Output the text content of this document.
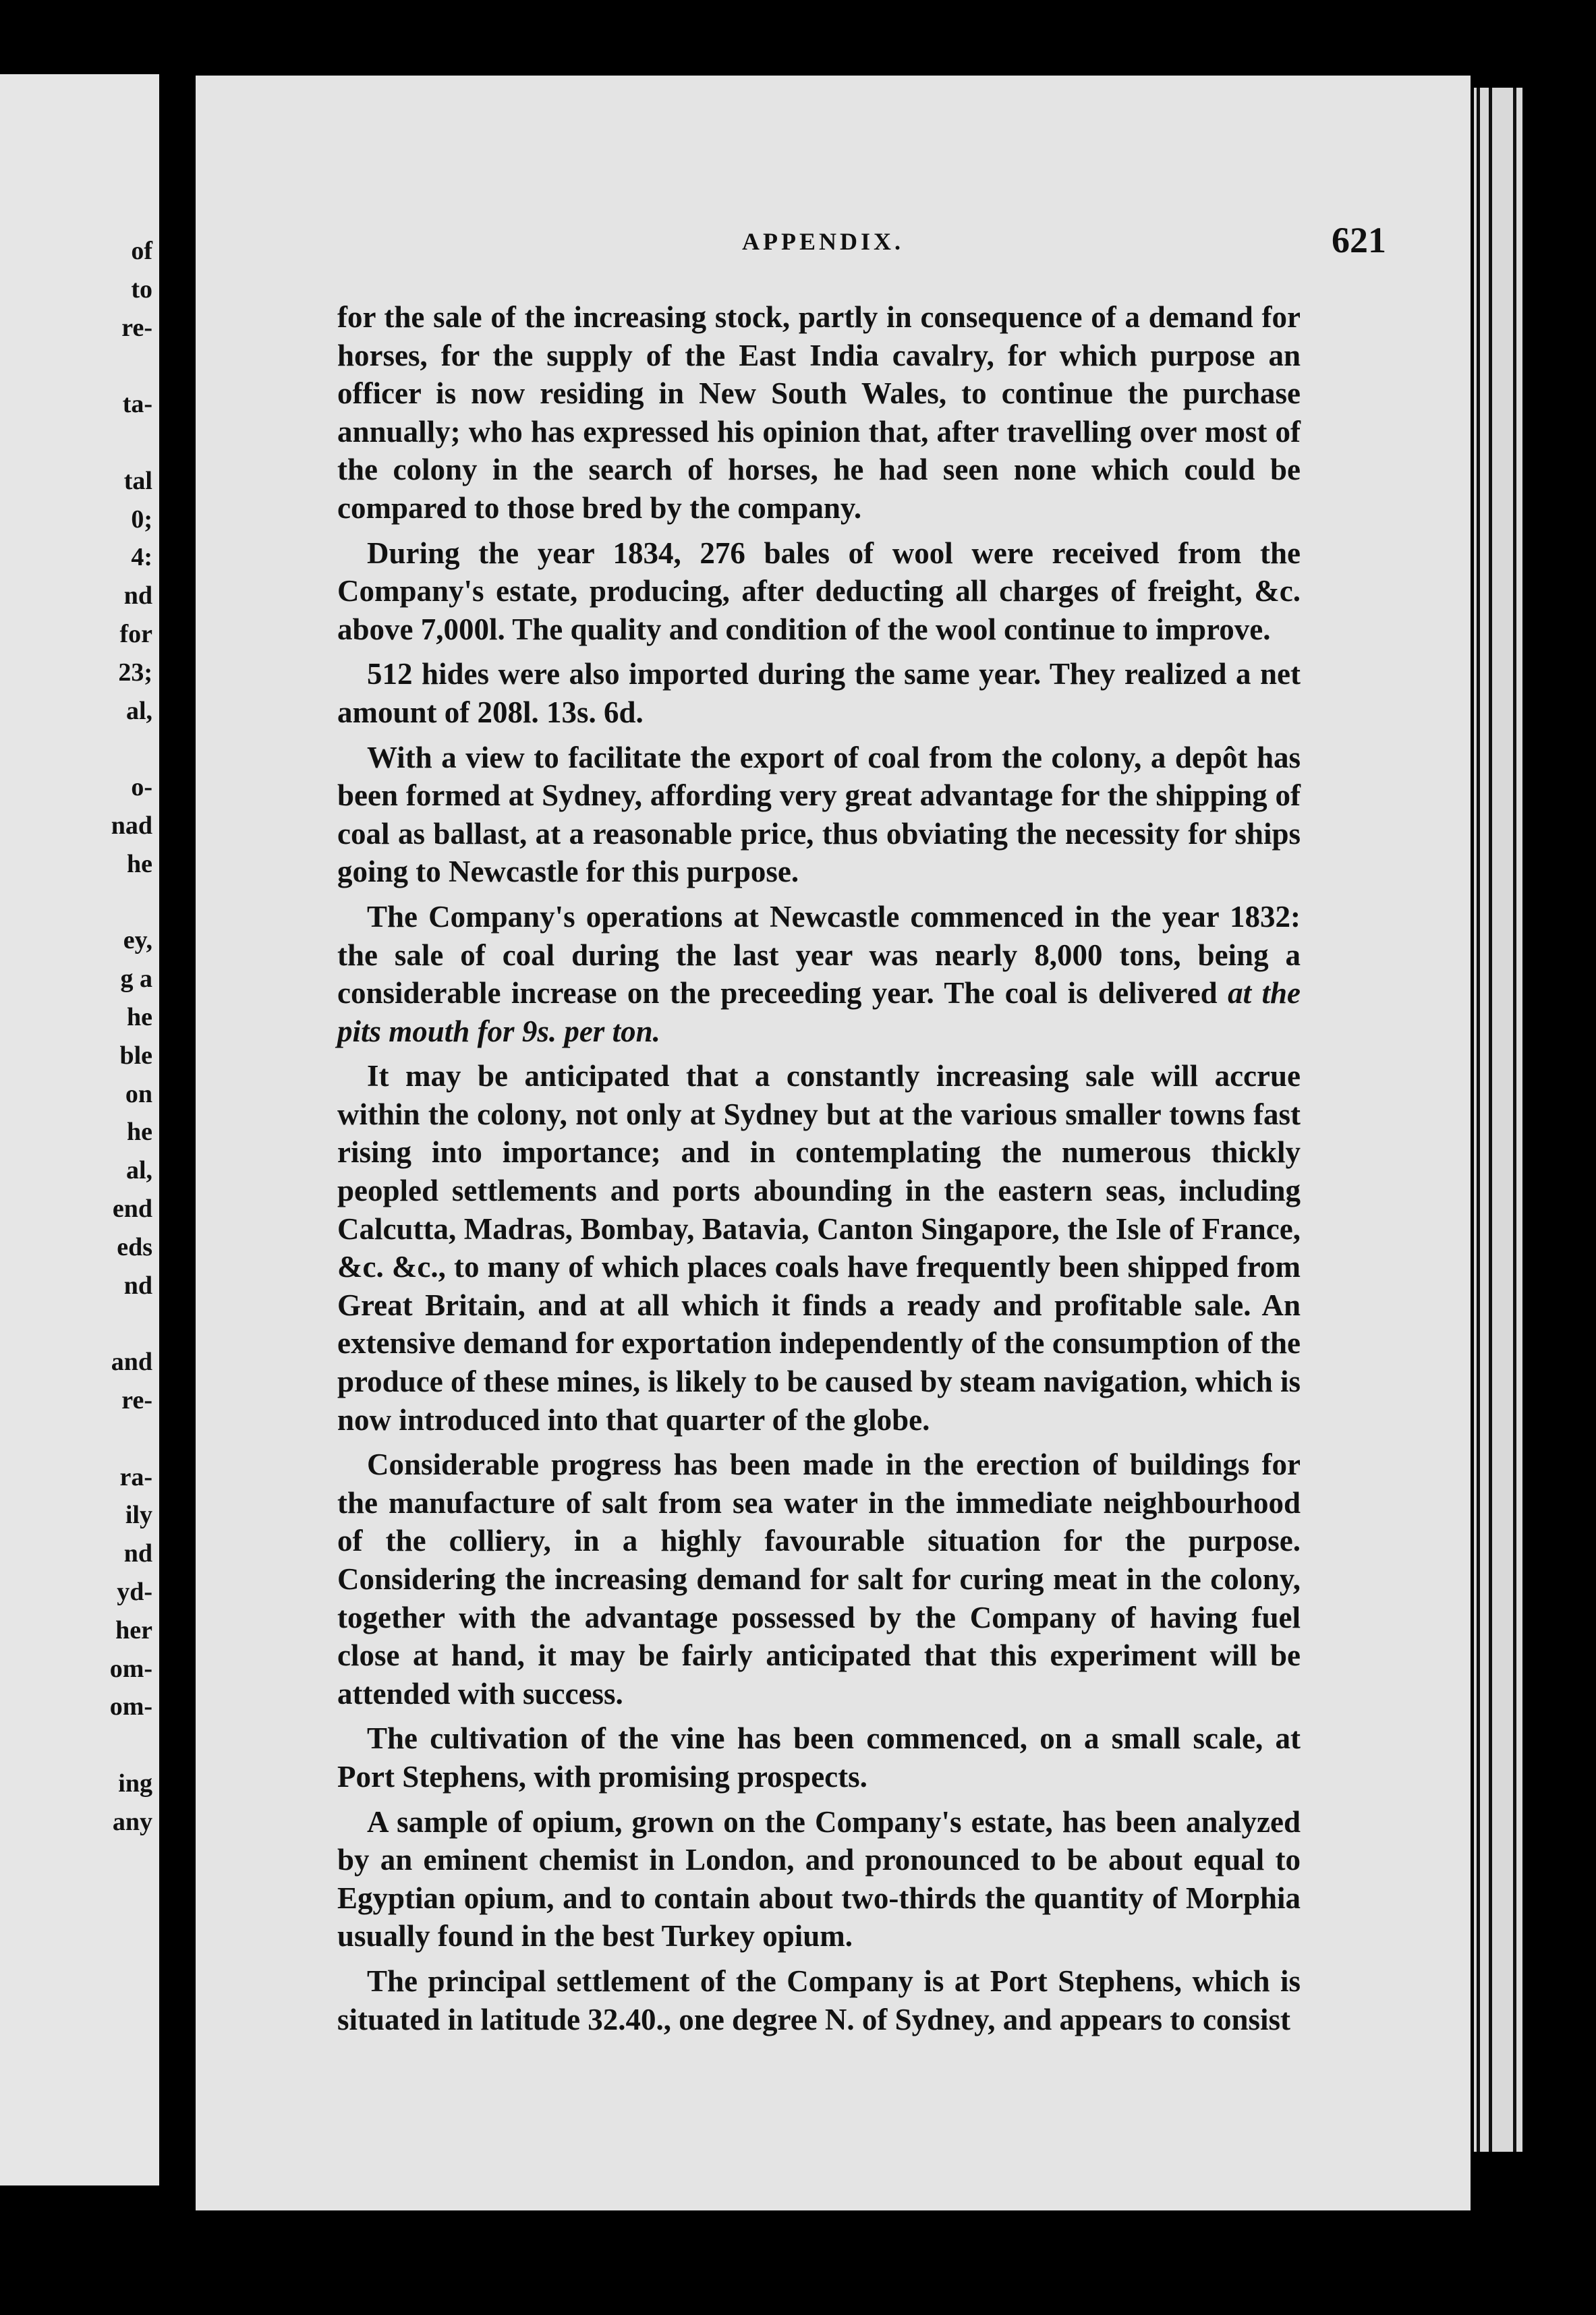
of
to
re-
ta-
tal
0;
4:
nd
for
23;
al,
o-
nad
he
ey,
g a
he
ble
on
he
al,
end
eds
nd
and
re-
ra-
ily
nd
yd-
her
om-
om-
ing
any

APPENDIX.	621

for the sale of the increasing stock, partly in consequence of a demand for horses, for the supply of the East India cavalry, for which purpose an officer is now residing in New South Wales, to continue the purchase annually; who has expressed his opinion that, after travelling over most of the colony in the search of horses, he had seen none which could be compared to those bred by the company.

During the year 1834, 276 bales of wool were received from the Company's estate, producing, after deducting all charges of freight, &c. above 7,000l. The quality and condition of the wool continue to improve.

512 hides were also imported during the same year. They realized a net amount of 208l. 13s. 6d.

With a view to facilitate the export of coal from the colony, a depôt has been formed at Sydney, affording very great advantage for the shipping of coal as ballast, at a reasonable price, thus obviating the necessity for ships going to Newcastle for this purpose.

The Company's operations at Newcastle commenced in the year 1832: the sale of coal during the last year was nearly 8,000 tons, being a considerable increase on the preceeding year. The coal is delivered at the pits mouth for 9s. per ton.

It may be anticipated that a constantly increasing sale will accrue within the colony, not only at Sydney but at the various smaller towns fast rising into importance; and in contemplating the numerous thickly peopled settlements and ports abounding in the eastern seas, including Calcutta, Madras, Bombay, Batavia, Canton Singapore, the Isle of France, &c. &c., to many of which places coals have frequently been shipped from Great Britain, and at all which it finds a ready and profitable sale. An extensive demand for exportation independently of the consumption of the produce of these mines, is likely to be caused by steam navigation, which is now introduced into that quarter of the globe.

Considerable progress has been made in the erection of buildings for the manufacture of salt from sea water in the immediate neighbourhood of the colliery, in a highly favourable situation for the purpose. Considering the increasing demand for salt for curing meat in the colony, together with the advantage possessed by the Company of having fuel close at hand, it may be fairly anticipated that this experiment will be attended with success.

The cultivation of the vine has been commenced, on a small scale, at Port Stephens, with promising prospects.

A sample of opium, grown on the Company's estate, has been analyzed by an eminent chemist in London, and pronounced to be about equal to Egyptian opium, and to contain about two-thirds the quantity of Morphia usually found in the best Turkey opium.

The principal settlement of the Company is at Port Stephens, which is situated in latitude 32.40., one degree N. of Sydney, and appears to consist
